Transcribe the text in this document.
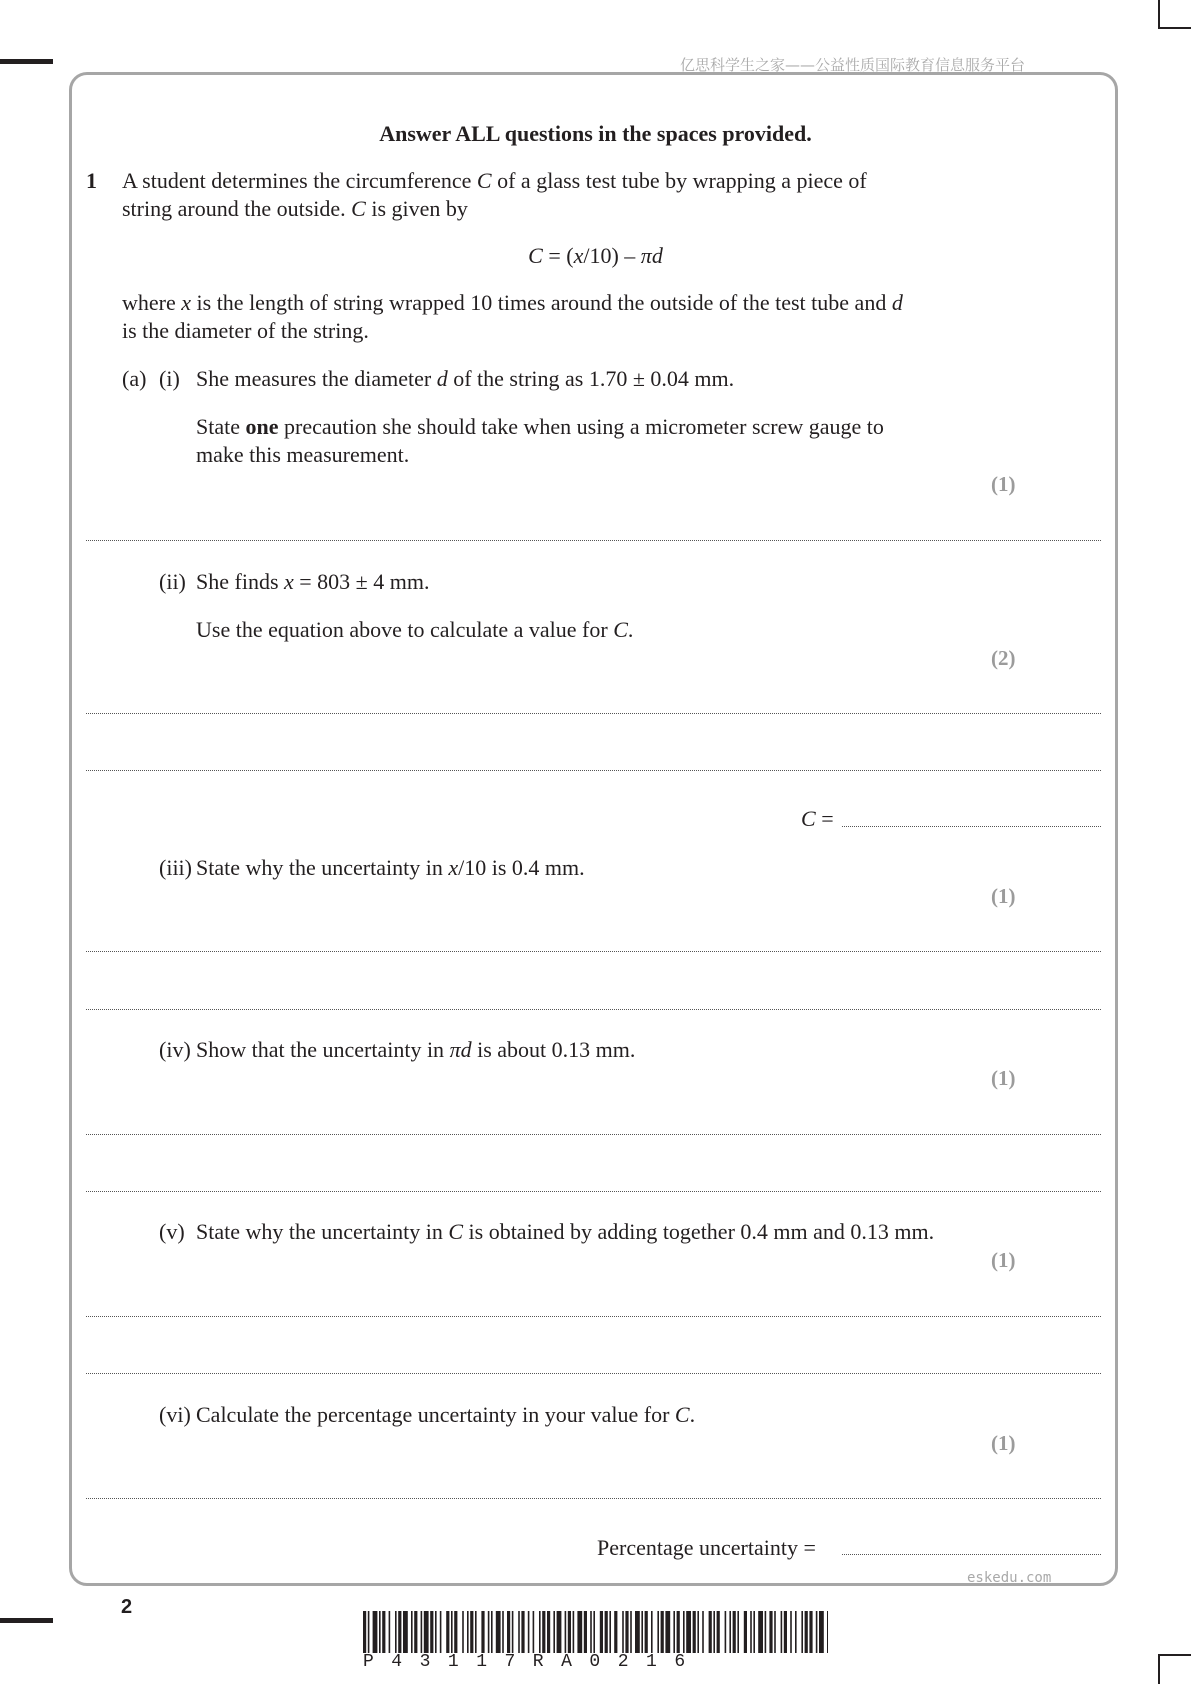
亿思科学生之家——公益性质国际教育信息服务平台
Answer ALL questions in the spaces provided.
1 A student determines the circumference C of a glass test tube by wrapping a piece of
string around the outside. C is given by
C = (x/10) – πd
where x is the length of string wrapped 10 times around the outside of the test tube and d
is the diameter of the string.
(a) (i) She measures the diameter d of the string as 1.70 ± 0.04 mm.
State one precaution she should take when using a micrometer screw gauge to
make this measurement.
(1)
(ii) She finds x = 803 ± 4 mm.
Use the equation above to calculate a value for C.
(2)
C =
(iii) State why the uncertainty in x/10 is 0.4 mm.
(1)
(iv) Show that the uncertainty in πd is about 0.13 mm.
(1)
(v) State why the uncertainty in C is obtained by adding together 0.4 mm and 0.13 mm.
(1)
(vi) Calculate the percentage uncertainty in your value for C.
(1)
Percentage uncertainty =
eskedu.com
2
P43117RA0216
